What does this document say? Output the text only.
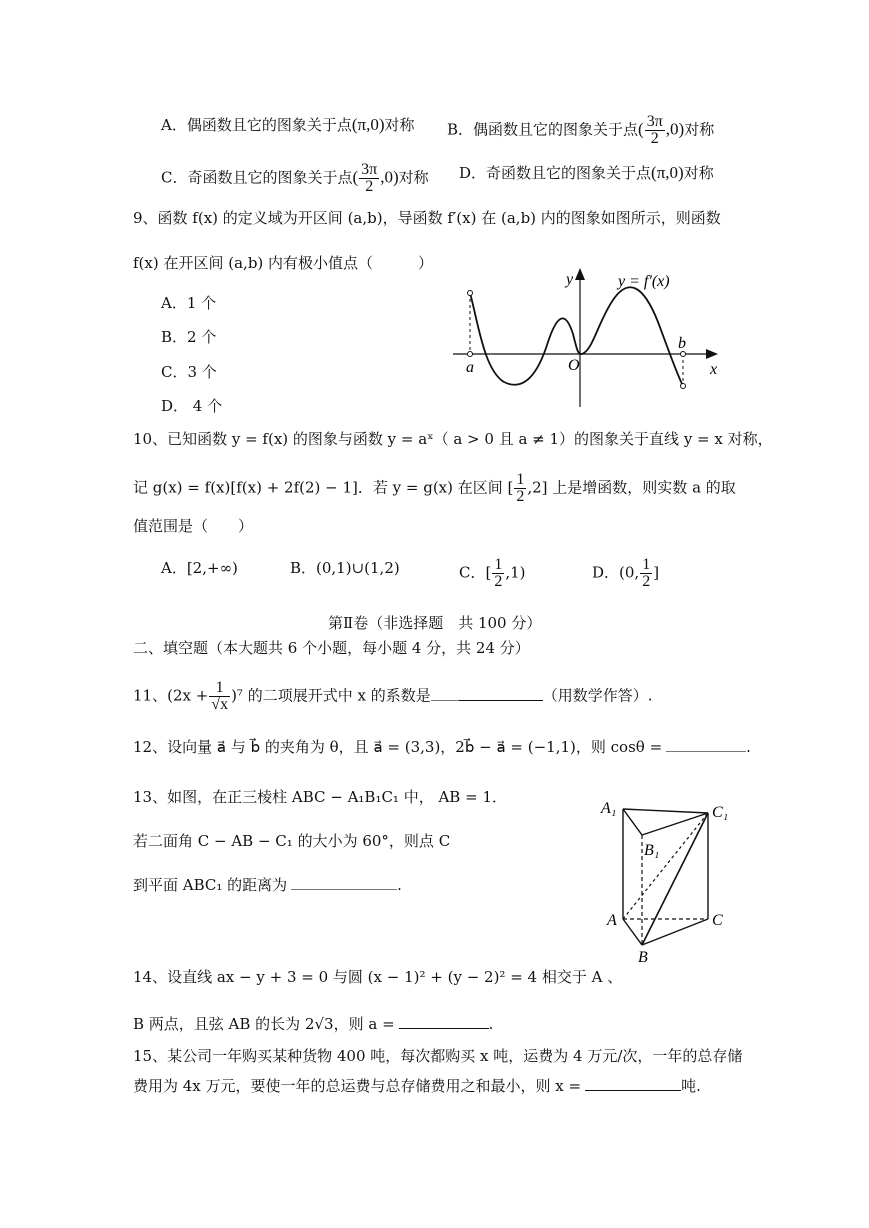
A．偶函数且它的图象关于点(π,0)对称 B．偶函数且它的图象关于点( $\frac{3\pi}{2} ,0$)对称
C．奇函数且它的图象关于点( $\frac{3\pi}{2} ,0$)对称 D．奇函数且它的图象关于点(π,0)对称
9、函数 f(x) 的定义域为开区间 (a,b)，导函数 f′(x) 在 (a,b) 内的图象如图所示，则函数
f(x) 在开区间 (a,b) 内有极小值点（　　　）
A．1 个
B．2 个
C．3 个
D． 4 个
y	y = f′(x)
O
a
b
x
10、已知函数 y = f(x) 的图象与函数 y = aˣ（ a > 0 且 a ≠ 1）的图象关于直线 y = x 对称，
记 g(x) = f(x)[f(x) + 2f(2) − 1]．若 y = g(x) 在区间 [ $\frac{1}{2} ,2$] 上是增函数，则实数 a 的取
值范围是（　　）
A．[2,+∞)	B．(0,1)∪(1,2)	C．[ $\frac{1}{2} ,1$)	D．(0, $\frac{1}{2}$ ]
第Ⅱ卷（非选择题　共 100 分）
二、填空题（本大题共 6 个小题，每小题 4 分，共 24 分）
11、$(2x + \frac{1}{√x} )^7$ 的二项展开式中 x 的系数是	（用数学作答）.
12、设向量 a⃗ 与 b⃗ 的夹角为 θ，且 a⃗ = (3,3)，2b⃗ − a⃗ = (−1,1)，则 cosθ =	.
13、如图，在正三棱柱 ABC − A₁B₁C₁ 中， AB = 1．
若二面角 C − AB − C₁ 的大小为 60°，则点 C
到平面 ABC₁ 的距离为	.
A₁	C₁
B₁
A	C
B
14、设直线 ax − y + 3 = 0 与圆 (x − 1)² + (y − 2)² = 4 相交于 A 、
B 两点，且弦 AB 的长为 2√3，则 a =	.
15、某公司一年购买某种货物 400 吨，每次都购买 x 吨，运费为 4 万元/次，一年的总存储
费用为 4x 万元，要使一年的总运费与总存储费用之和最小，则 x =	吨.
